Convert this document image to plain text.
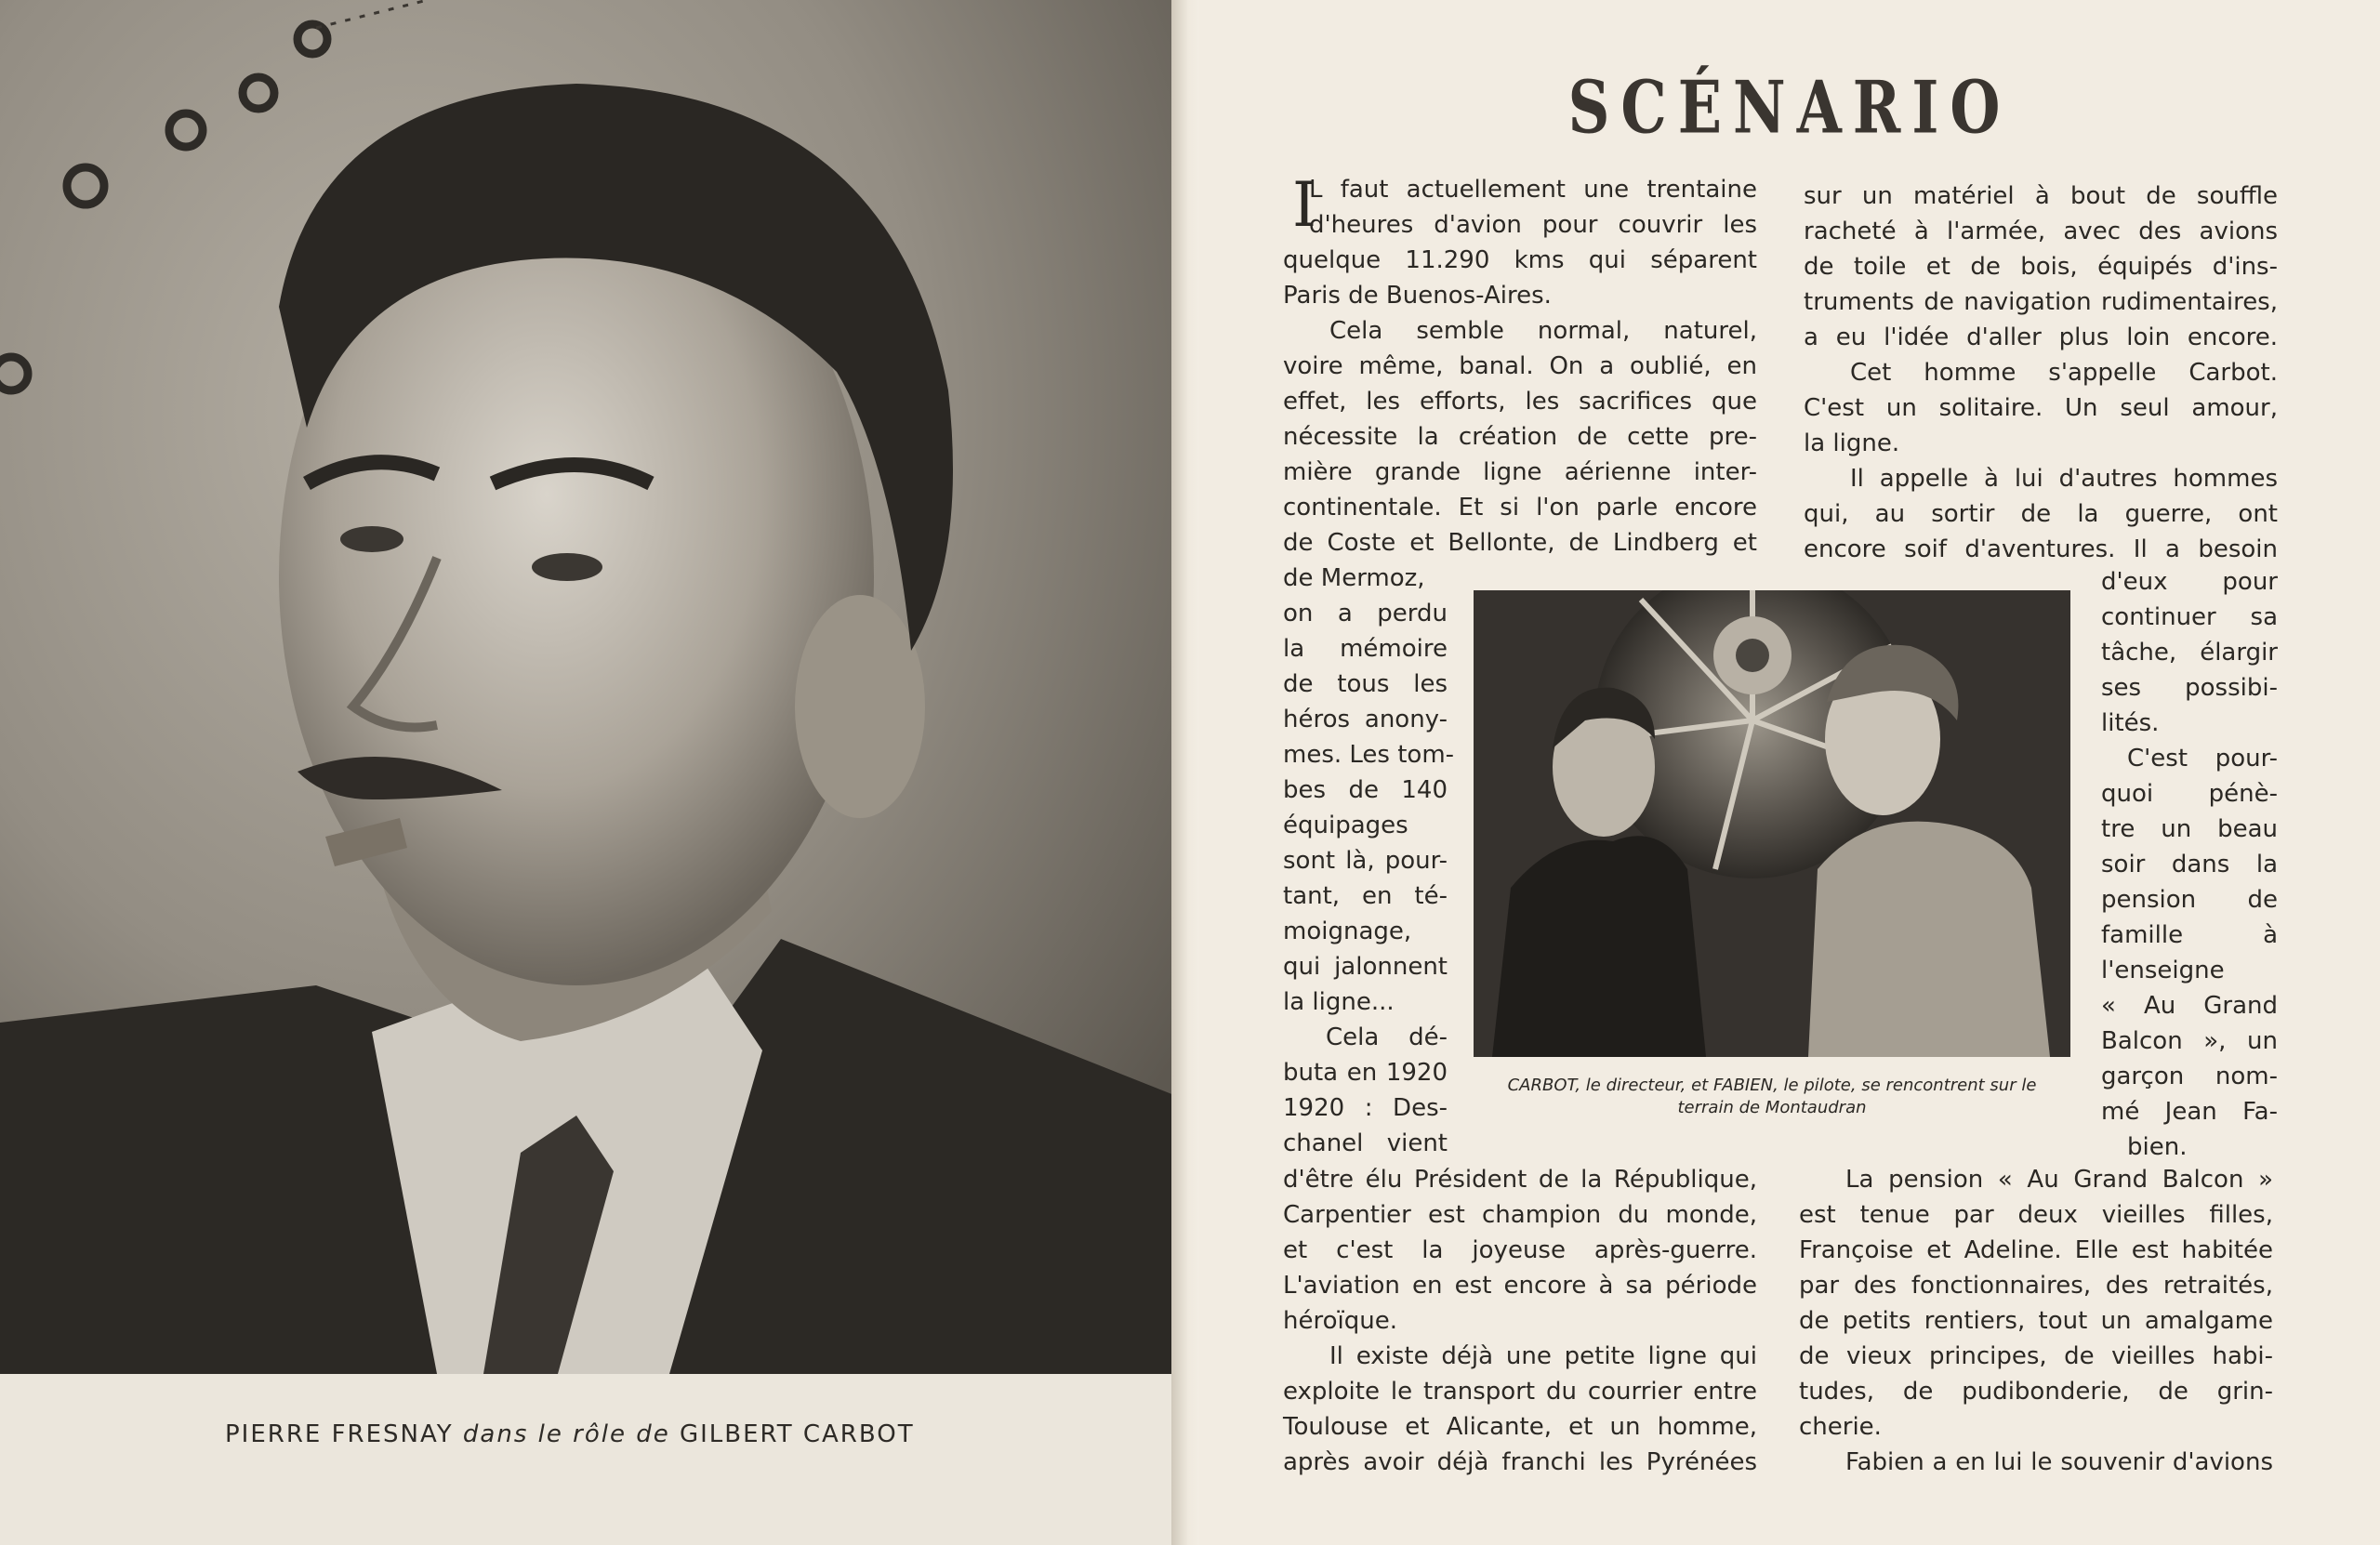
PIERRE FRESNAY dans le rôle de GILBERT CARBOT
SCÉNARIO
I
L faut actuellement une trentaine
d'heures d'avion pour couvrir les
quelque 11.290 kms qui séparent
Paris de Buenos-Aires.
Cela semble normal, naturel,
voire même, banal. On a oublié, en
effet, les efforts, les sacrifices que
nécessite la création de cette pre-
mière grande ligne aérienne inter-
continentale. Et si l'on parle encore
de Coste et Bellonte, de Lindberg et
de Mermoz,
on a perdu
la mémoire
de tous les
héros anony-
mes. Les tom-
bes de 140
équipages
sont là, pour-
tant, en té-
moignage,
qui jalonnent
la ligne...
Cela dé-
buta en 1920
1920 : Des-
chanel vient
CARBOT, le directeur, et FABIEN, le pilote, se rencontrent sur le
terrain de Montaudran
d'être élu Président de la République,
Carpentier est champion du monde,
et c'est la joyeuse après-guerre.
L'aviation en est encore à sa période
héroïque.
Il existe déjà une petite ligne qui
exploite le transport du courrier entre
Toulouse et Alicante, et un homme,
après avoir déjà franchi les Pyrénées
sur un matériel à bout de souffle
racheté à l'armée, avec des avions
de toile et de bois, équipés d'ins-
truments de navigation rudimentaires,
a eu l'idée d'aller plus loin encore.
Cet homme s'appelle Carbot.
C'est un solitaire. Un seul amour,
la ligne.
Il appelle à lui d'autres hommes
qui, au sortir de la guerre, ont
encore soif d'aventures. Il a besoin
d'eux pour
continuer sa
tâche, élargir
ses possibi-
lités.
C'est pour-
quoi pénè-
tre un beau
soir dans la
pension de
famille à
l'enseigne
« Au Grand
Balcon », un
garçon nom-
mé Jean Fa-
bien.
La pension « Au Grand Balcon »
est tenue par deux vieilles filles,
Françoise et Adeline. Elle est habitée
par des fonctionnaires, des retraités,
de petits rentiers, tout un amalgame
de vieux principes, de vieilles habi-
tudes, de pudibonderie, de grin-
cherie.
Fabien a en lui le souvenir d'avions
